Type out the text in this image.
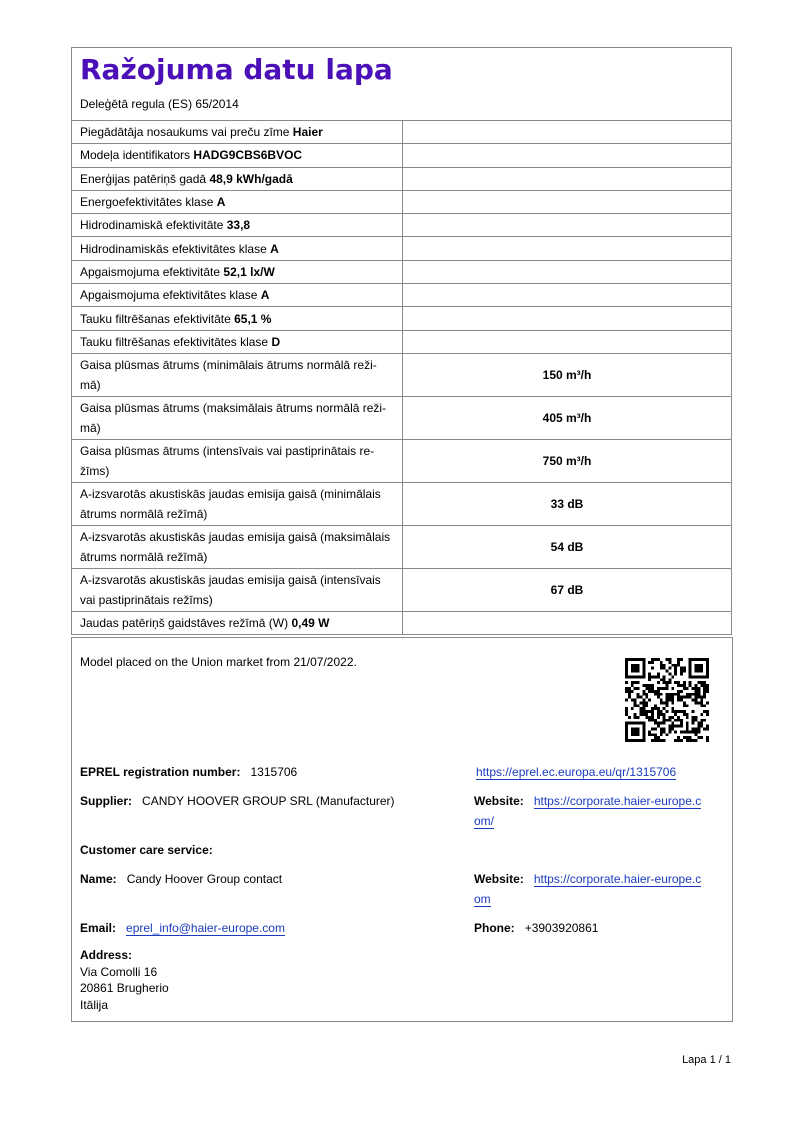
Ražojuma datu lapa
Deleģētā regula (ES) 65/2014
Piegādātāja nosaukums vai preču zīme Haier	
Modeļa identifikators HADG9CBS6BVOC	
Enerģijas patēriņš gadā 48,9 kWh/gadā	
Energoefektivitātes klase A	
Hidrodinamiskā efektivitāte 33,8	
Hidrodinamiskās efektivitātes klase A	
Apgaismojuma efektivitāte 52,1 lx/W	
Apgaismojuma efektivitātes klase A	
Tauku filtrēšanas efektivitāte 65,1 %	
Tauku filtrēšanas efektivitātes klase D	
Gaisa plūsmas ātrums (minimālais ātrums normālā reži-
mā)	150 m³/h
Gaisa plūsmas ātrums (maksimālais ātrums normālā reži-
mā)	405 m³/h
Gaisa plūsmas ātrums (intensīvais vai pastiprinātais re-
žīms)	750 m³/h
A-izsvarotās akustiskās jaudas emisija gaisā (minimālais
ātrums normālā režīmā)	33 dB
A-izsvarotās akustiskās jaudas emisija gaisā (maksimālais
ātrums normālā režīmā)	54 dB
A-izsvarotās akustiskās jaudas emisija gaisā (intensīvais
vai pastiprinātais režīms)	67 dB
Jaudas patēriņš gaidstāves režīmā (W) 0,49 W	
Model placed on the Union market from 21/07/2022.
EPREL registration number: 1315706	https://eprel.ec.europa.eu/qr/1315706
Supplier: CANDY HOOVER GROUP SRL (Manufacturer)	Website: https://corporate.haier-europe.c
om/
Customer care service:
Name: Candy Hoover Group contact	Website: https://corporate.haier-europe.c
om
Email: eprel_info@haier-europe.com	Phone: +3903920861
Address:
Via Comolli 16
20861 Brugherio
Itālija
Lapa 1 / 1
